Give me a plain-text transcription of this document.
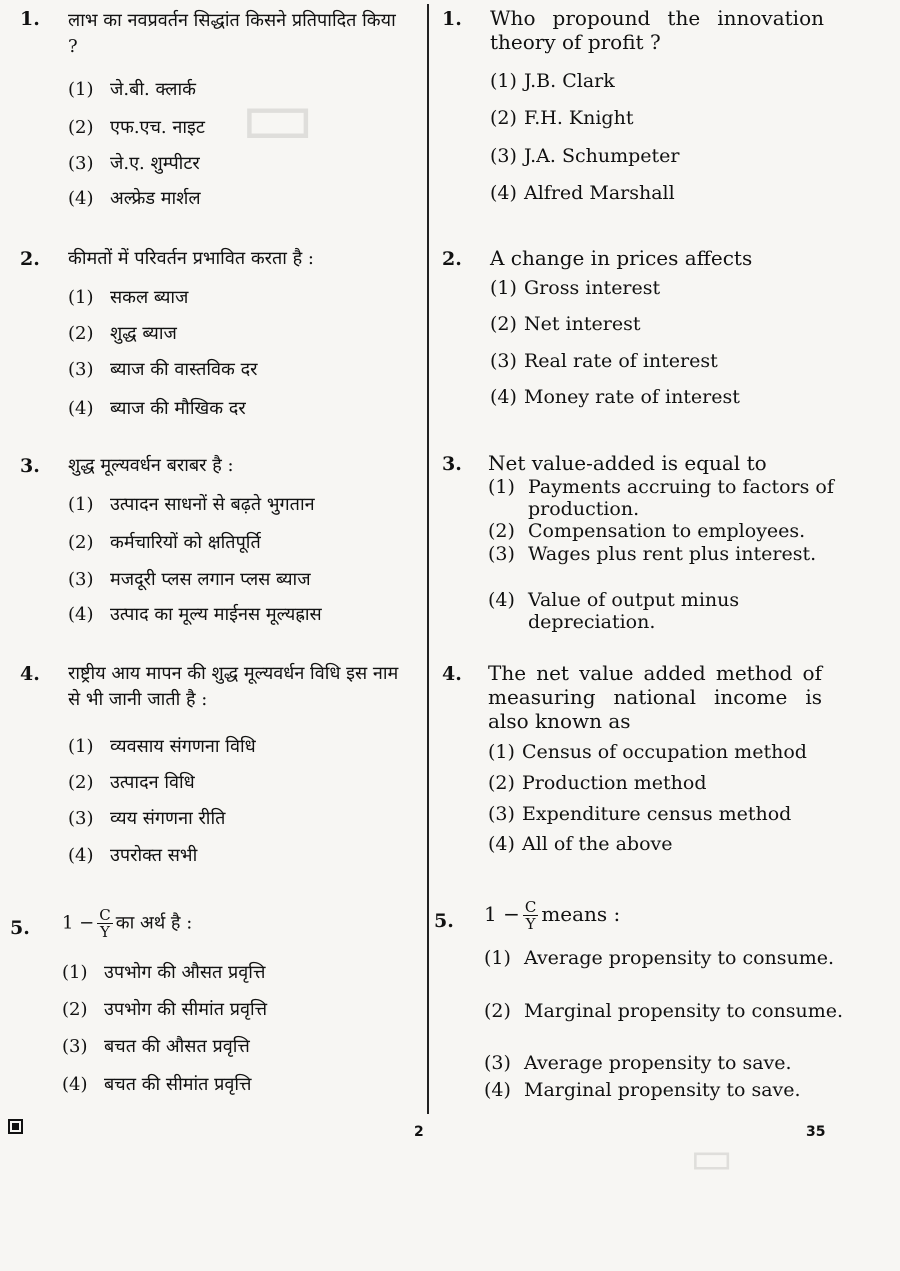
▭
▭
1. लाभ का नवप्रवर्तन सिद्धांत किसने प्रतिपादित किया ?
(1) जे.बी. क्लार्क
(2) एफ.एच. नाइट
(3) जे.ए. शुम्पीटर
(4) अल्फ्रेड मार्शल
2. कीमतों में परिवर्तन प्रभावित करता है :
(1) सकल ब्याज
(2) शुद्ध ब्याज
(3) ब्याज की वास्तविक दर
(4) ब्याज की मौखिक दर
3. शुद्ध मूल्यवर्धन बराबर है :
(1) उत्पादन साधनों से बढ़ते भुगतान
(2) कर्मचारियों को क्षतिपूर्ति
(3) मजदूरी प्लस लगान प्लस ब्याज
(4) उत्पाद का मूल्य माईनस मूल्यह्रास
4. राष्ट्रीय आय मापन की शुद्ध मूल्यवर्धन विधि इस नाम से भी जानी जाती है :
(1) व्यवसाय संगणना विधि
(2) उत्पादन विधि
(3) व्यय संगणना रीति
(4) उपरोक्त सभी
5. $1 - \frac{C}{Y}$ का अर्थ है :
(1) उपभोग की औसत प्रवृत्ति
(2) उपभोग की सीमांत प्रवृत्ति
(3) बचत की औसत प्रवृत्ति
(4) बचत की सीमांत प्रवृत्ति
1. Who propound the innovation theory of profit ?
(1) J.B. Clark
(2) F.H. Knight
(3) J.A. Schumpeter
(4) Alfred Marshall
2. A change in prices affects
(1) Gross interest
(2) Net interest
(3) Real rate of interest
(4) Money rate of interest
3. Net value-added is equal to
(1) Payments accruing to factors of production.
(2) Compensation to employees.
(3) Wages plus rent plus interest.
(4) Value of output minus depreciation.
4. The net value added method of measuring national income is also known as
(1) Census of occupation method
(2) Production method
(3) Expenditure census method
(4) All of the above
5. $1 - \frac{C}{Y}$ means :
(1) Average propensity to consume.
(2) Marginal propensity to consume.
(3) Average propensity to save.
(4) Marginal propensity to save.
2	35
